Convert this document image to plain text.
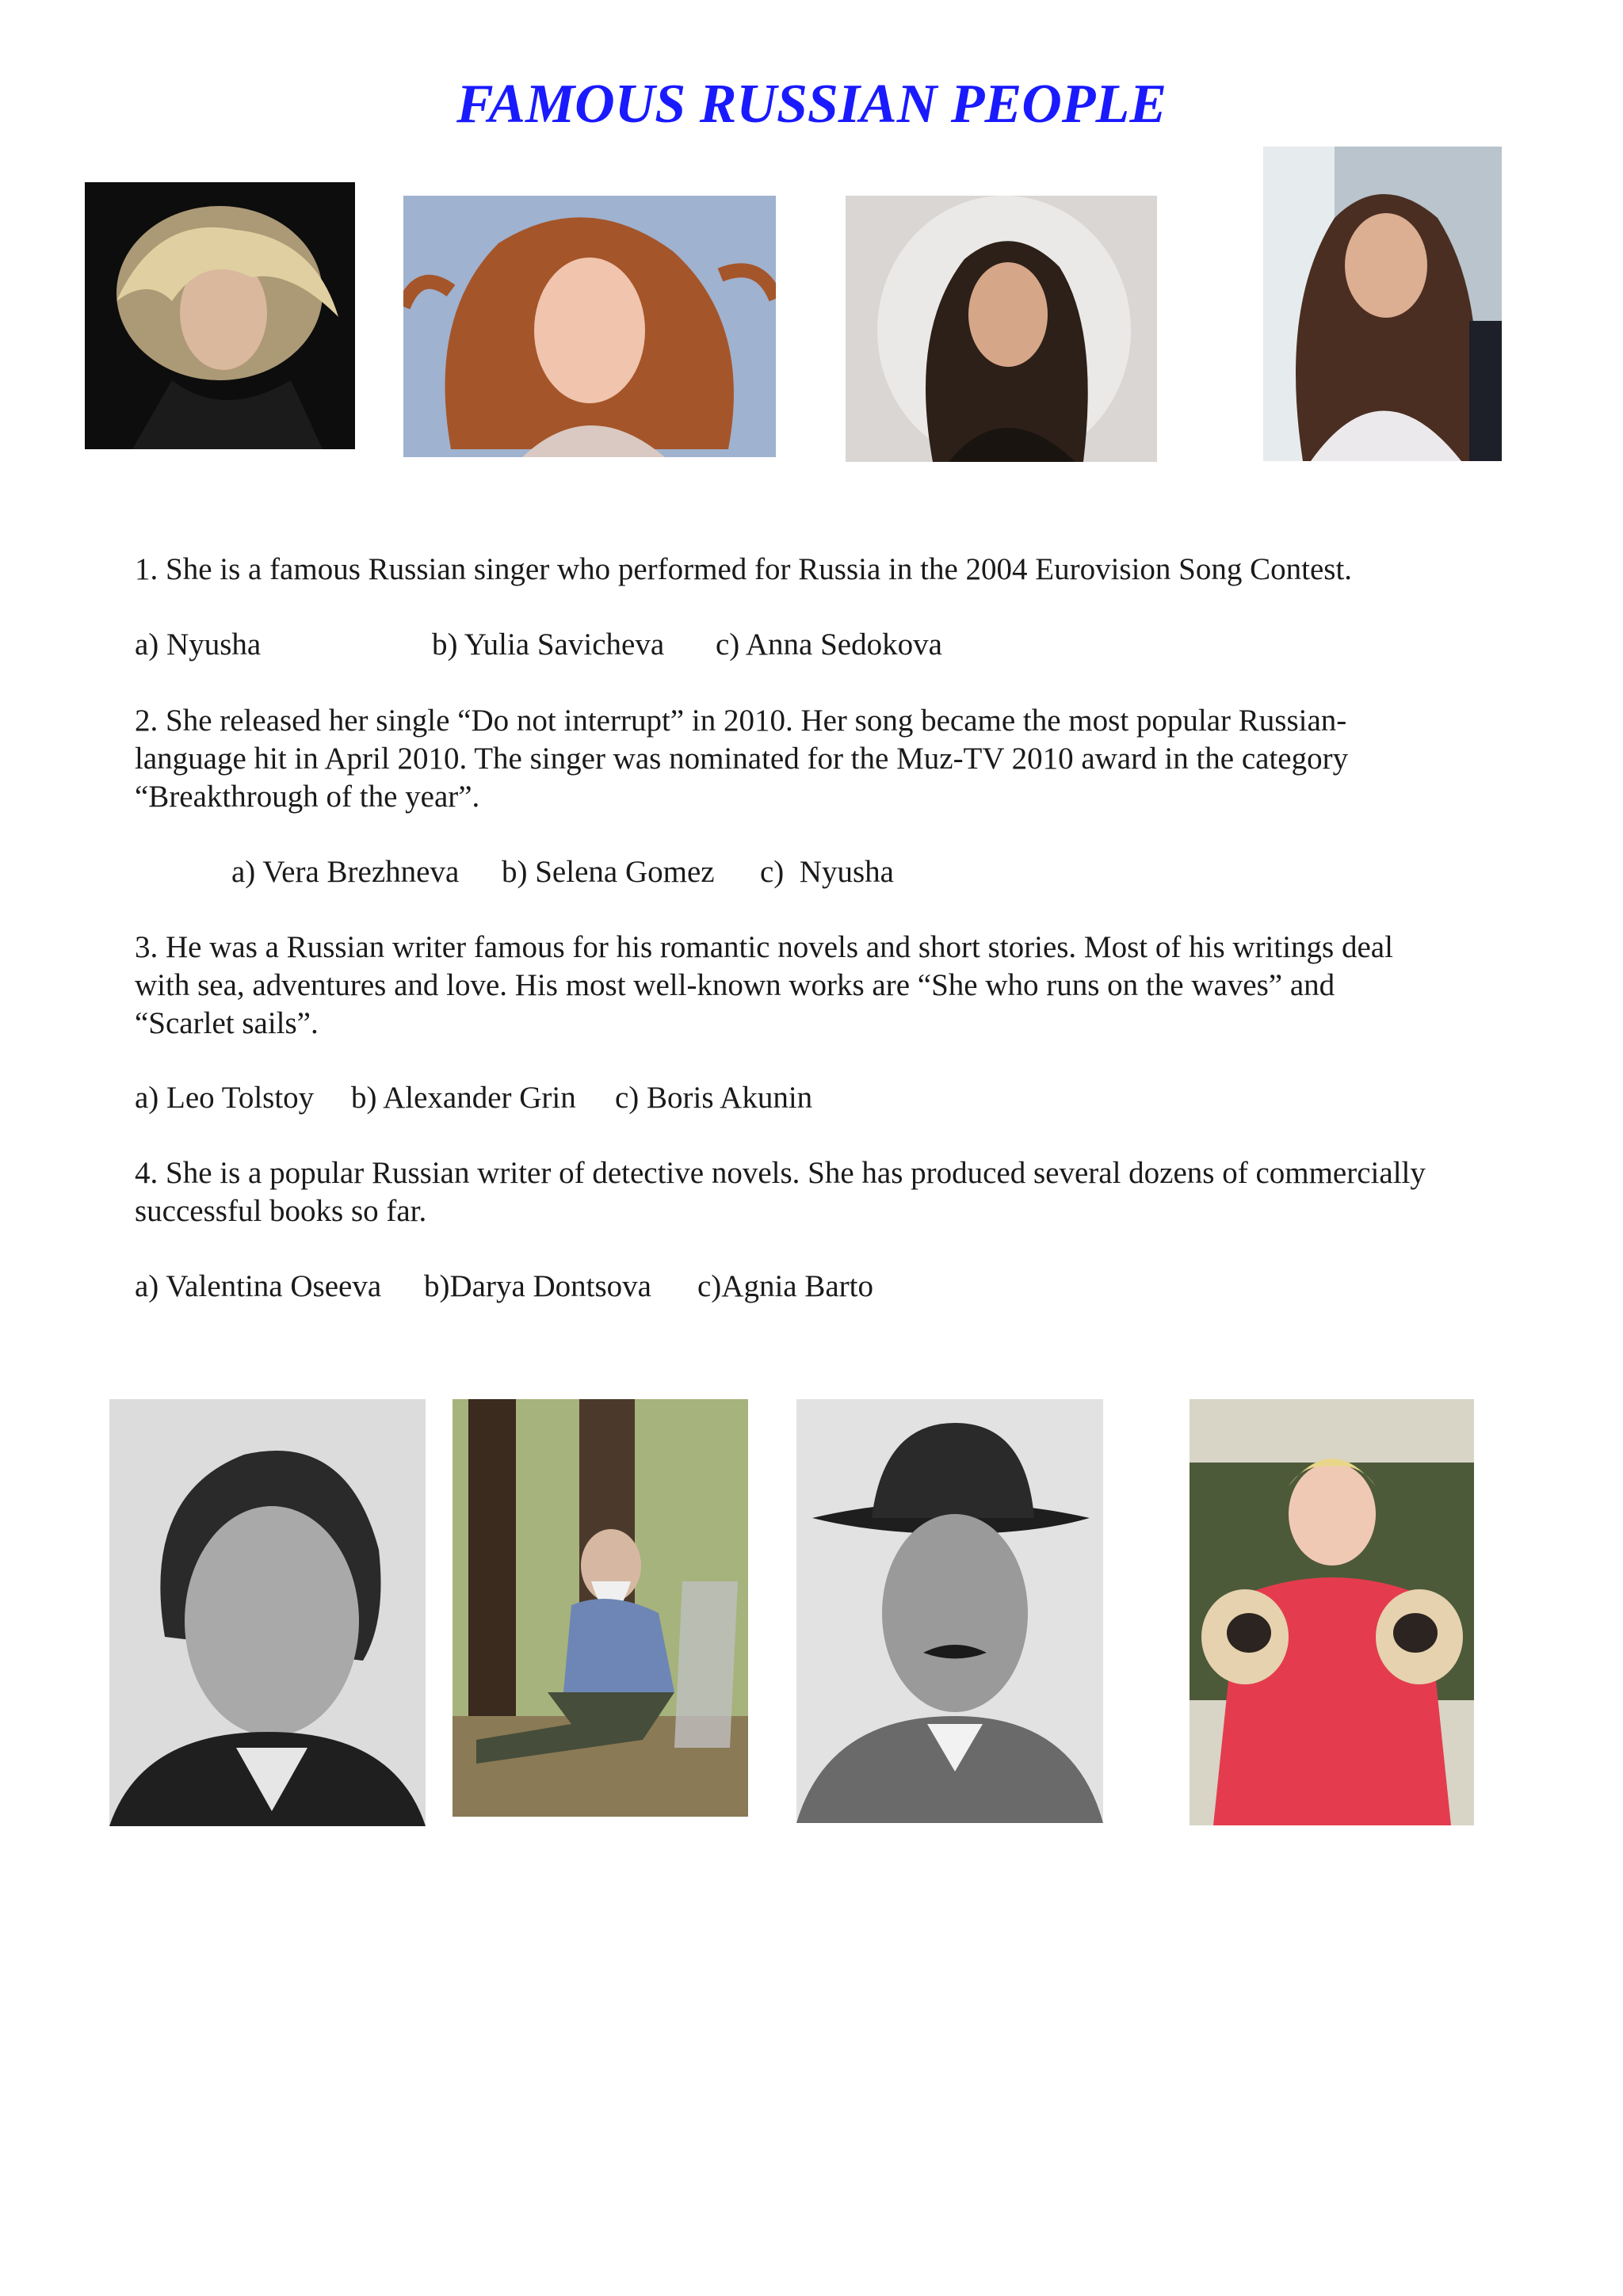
FAMOUS RUSSIAN PEOPLE
1. She is a famous Russian singer who performed for Russia in the 2004 Eurovision Song Contest.
a) Nyusha	b) Yulia Savicheva c) Anna Sedokova
2. She released her single “Do not interrupt” in 2010. Her song became the most popular Russian-
language hit in April 2010. The singer was nominated for the Muz-TV 2010 award in the category
“Breakthrough of the year”.
a) Vera Brezhneva b) Selena Gomez c)  Nyusha
3. He was a Russian writer famous for his romantic novels and short stories. Most of his writings deal
with sea, adventures and love. His most well-known works are “She who runs on the waves” and
“Scarlet sails”.
a) Leo Tolstoy b) Alexander Grin c) Boris Akunin
4. She is a popular Russian writer of detective novels. She has produced several dozens of commercially
successful books so far.
a) Valentina Oseeva b)Darya Dontsova c)Agnia Barto
